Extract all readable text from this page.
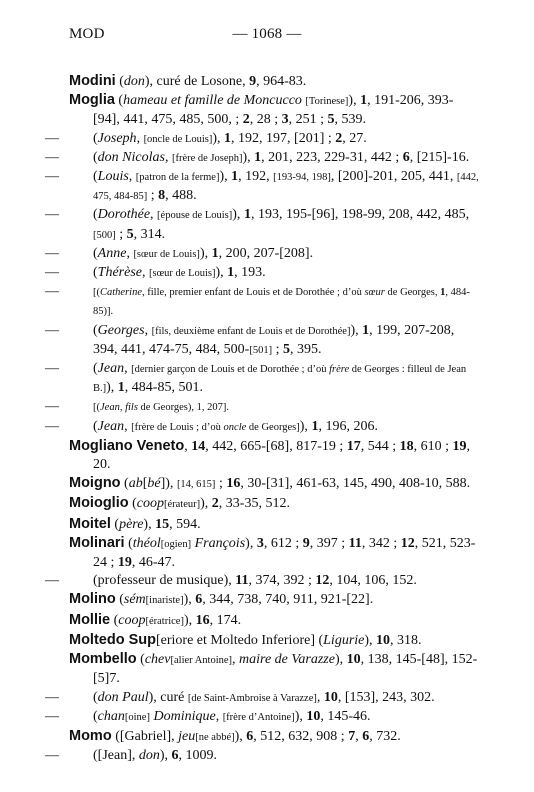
MOD	— 1068 —
Modini (don), curé de Losone, 9, 964-83.
Moglia (hameau et famille de Moncucco [Torinese]), 1, 191-206, 393-[94], 441, 475, 485, 500, ; 2, 28 ; 3, 251 ; 5, 539.
— (Joseph, [oncle de Louis]), 1, 192, 197, [201] ; 2, 27.
— (don Nicolas, [frère de Joseph]), 1, 201, 223, 229-31, 442 ; 6, [215]-16.
— (Louis, [patron de la ferme]), 1, 192, [193-94, 198], [200]-201, 205, 441, [442, 475, 484-85] ; 8, 488.
— (Dorothée, [épouse de Louis]), 1, 193, 195-[96], 198-99, 208, 442, 485, [500] ; 5, 314.
— (Anne, [sœur de Louis]), 1, 200, 207-[208].
— (Thérèse, [sœur de Louis]), 1, 193.
—	[(Catherine, fille, premier enfant de Louis et de Dorothée ; d’où sœur de Georges, 1, 484-85)].
— (Georges, [fils, deuxième enfant de Louis et de Dorothée]), 1, 199, 207-208, 394, 441, 474-75, 484, 500-[501] ; 5, 395.
— (Jean, [dernier garçon de Louis et de Dorothée ; d’où frère de Georges : filleul de Jean B.]), 1, 484-85, 501.
—	[(Jean, fils de Georges), 1, 207].
— (Jean, [frère de Louis ; d’où oncle de Georges]), 1, 196, 206.
Mogliano Veneto, 14, 442, 665-[68], 817-19 ; 17, 544 ; 18, 610 ; 19, 20.
Moigno (ab[bé]), [14, 615] ; 16, 30-[31], 461-63, 145, 490, 408-10, 588.
Moioglio (coop[érateur]), 2, 33-35, 512.
Moitel (père), 15, 594.
Molinari (théol[ogien] François), 3, 612 ; 9, 397 ; 11, 342 ; 12, 521, 523-24 ; 19, 46-47.
— (professeur de musique), 11, 374, 392 ; 12, 104, 106, 152.
Molino (sém[inariste]), 6, 344, 738, 740, 911, 921-[22].
Mollie (coop[ératrice]), 16, 174.
Moltedo Sup[eriore et Moltedo Inferiore] (Ligurie), 10, 318.
Mombello (chev[alier Antoine], maire de Varazze), 10, 138, 145-[48], 152-[5]7.
— (don Paul), curé [de Saint-Ambroise à Varazze], 10, [153], 243, 302.
— (chan[oine] Dominique, [frère d’Antoine]), 10, 145-46.
Momo ([Gabriel], jeu[ne abbé]), 6, 512, 632, 908 ; 7, 6, 732.
— ([Jean], don), 6, 1009.
